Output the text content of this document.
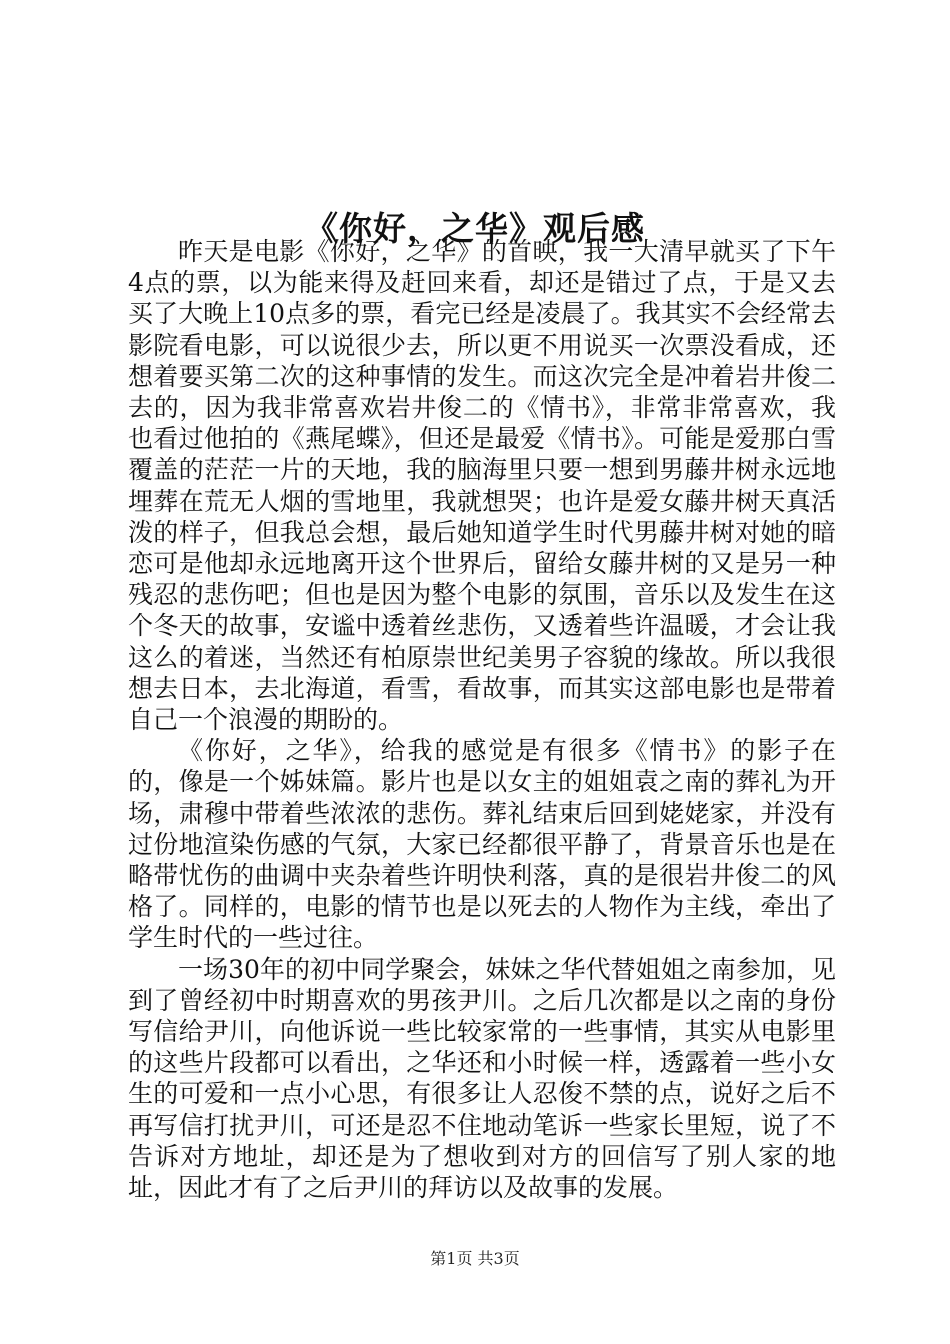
《你好，之华》观后感

昨天是电影《你好，之华》的首映，我一大清早就买了下午4点的票，以为能来得及赶回来看，却还是错过了点，于是又去买了大晚上10点多的票，看完已经是凌晨了。我其实不会经常去影院看电影，可以说很少去，所以更不用说买一次票没看成，还想着要买第二次的这种事情的发生。而这次完全是冲着岩井俊二去的，因为我非常喜欢岩井俊二的《情书》，非常非常喜欢，我也看过他拍的《燕尾蝶》，但还是最爱《情书》。可能是爱那白雪覆盖的茫茫一片的天地，我的脑海里只要一想到男藤井树永远地埋葬在荒无人烟的雪地里，我就想哭；也许是爱女藤井树天真活泼的样子，但我总会想，最后她知道学生时代男藤井树对她的暗恋可是他却永远地离开这个世界后，留给女藤井树的又是另一种残忍的悲伤吧；但也是因为整个电影的氛围，音乐以及发生在这个冬天的故事，安谧中透着丝悲伤，又透着些许温暖，才会让我这么的着迷，当然还有柏原崇世纪美男子容貌的缘故。所以我很想去日本，去北海道，看雪，看故事，而其实这部电影也是带着自己一个浪漫的期盼的。

《你好，之华》，给我的感觉是有很多《情书》的影子在的，像是一个姊妹篇。影片也是以女主的姐姐袁之南的葬礼为开场，肃穆中带着些浓浓的悲伤。葬礼结束后回到姥姥家，并没有过份地渲染伤感的气氛，大家已经都很平静了，背景音乐也是在略带忧伤的曲调中夹杂着些许明快利落，真的是很岩井俊二的风格了。同样的，电影的情节也是以死去的人物作为主线，牵出了学生时代的一些过往。

一场30年的初中同学聚会，妹妹之华代替姐姐之南参加，见到了曾经初中时期喜欢的男孩尹川。之后几次都是以之南的身份写信给尹川，向他诉说一些比较家常的一些事情，其实从电影里的这些片段都可以看出，之华还和小时候一样，透露着一些小女生的可爱和一点小心思，有很多让人忍俊不禁的点，说好之后不再写信打扰尹川，可还是忍不住地动笔诉一些家长里短，说了不告诉对方地址，却还是为了想收到对方的回信写了别人家的地址，因此才有了之后尹川的拜访以及故事的发展。

第1页 共3页
